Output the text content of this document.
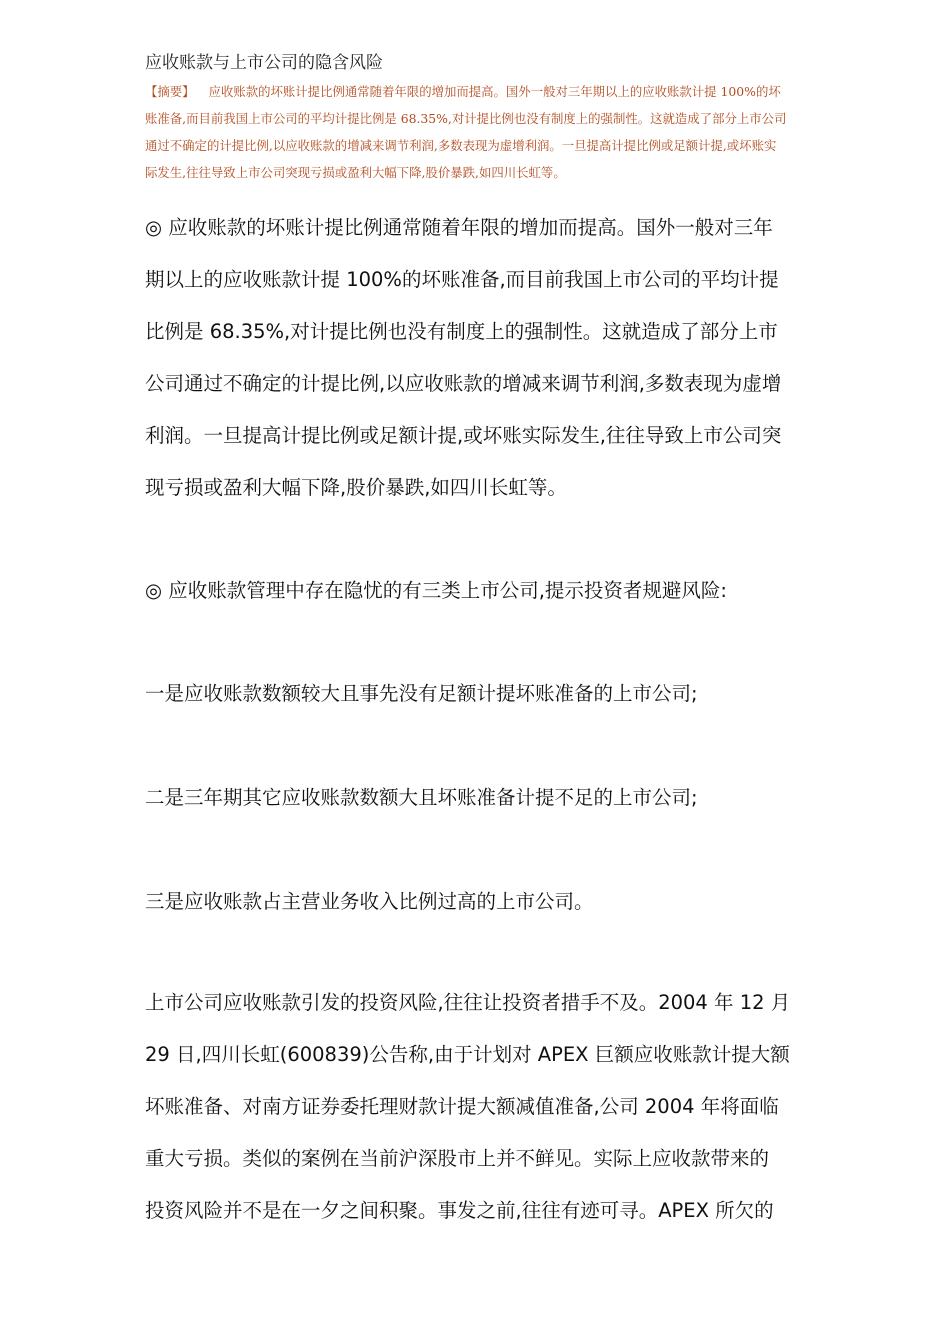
应收账款与上市公司的隐含风险
【摘要】 应收账款的坏账计提比例通常随着年限的增加而提高。国外一般对三年期以上的应收账款计提 100%的坏
账准备,而目前我国上市公司的平均计提比例是 68.35%,对计提比例也没有制度上的强制性。这就造成了部分上市公司
通过不确定的计提比例,以应收账款的增减来调节利润,多数表现为虚增利润。一旦提高计提比例或足额计提,或坏账实
际发生,往往导致上市公司突现亏损或盈利大幅下降,股价暴跌,如四川长虹等。
◎ 应收账款的坏账计提比例通常随着年限的增加而提高。国外一般对三年
期以上的应收账款计提 100%的坏账准备,而目前我国上市公司的平均计提
比例是 68.35%,对计提比例也没有制度上的强制性。这就造成了部分上市
公司通过不确定的计提比例,以应收账款的增减来调节利润,多数表现为虚增
利润。一旦提高计提比例或足额计提,或坏账实际发生,往往导致上市公司突
现亏损或盈利大幅下降,股价暴跌,如四川长虹等。
◎ 应收账款管理中存在隐忧的有三类上市公司,提示投资者规避风险:
一是应收账款数额较大且事先没有足额计提坏账准备的上市公司;
二是三年期其它应收账款数额大且坏账准备计提不足的上市公司;
三是应收账款占主营业务收入比例过高的上市公司。
上市公司应收账款引发的投资风险,往往让投资者措手不及。2004 年 12 月
29 日,四川长虹(600839)公告称,由于计划对 APEX 巨额应收账款计提大额
坏账准备、对南方证券委托理财款计提大额减值准备,公司 2004 年将面临
重大亏损。类似的案例在当前沪深股市上并不鲜见。实际上应收款带来的
投资风险并不是在一夕之间积聚。事发之前,往往有迹可寻。APEX 所欠的
